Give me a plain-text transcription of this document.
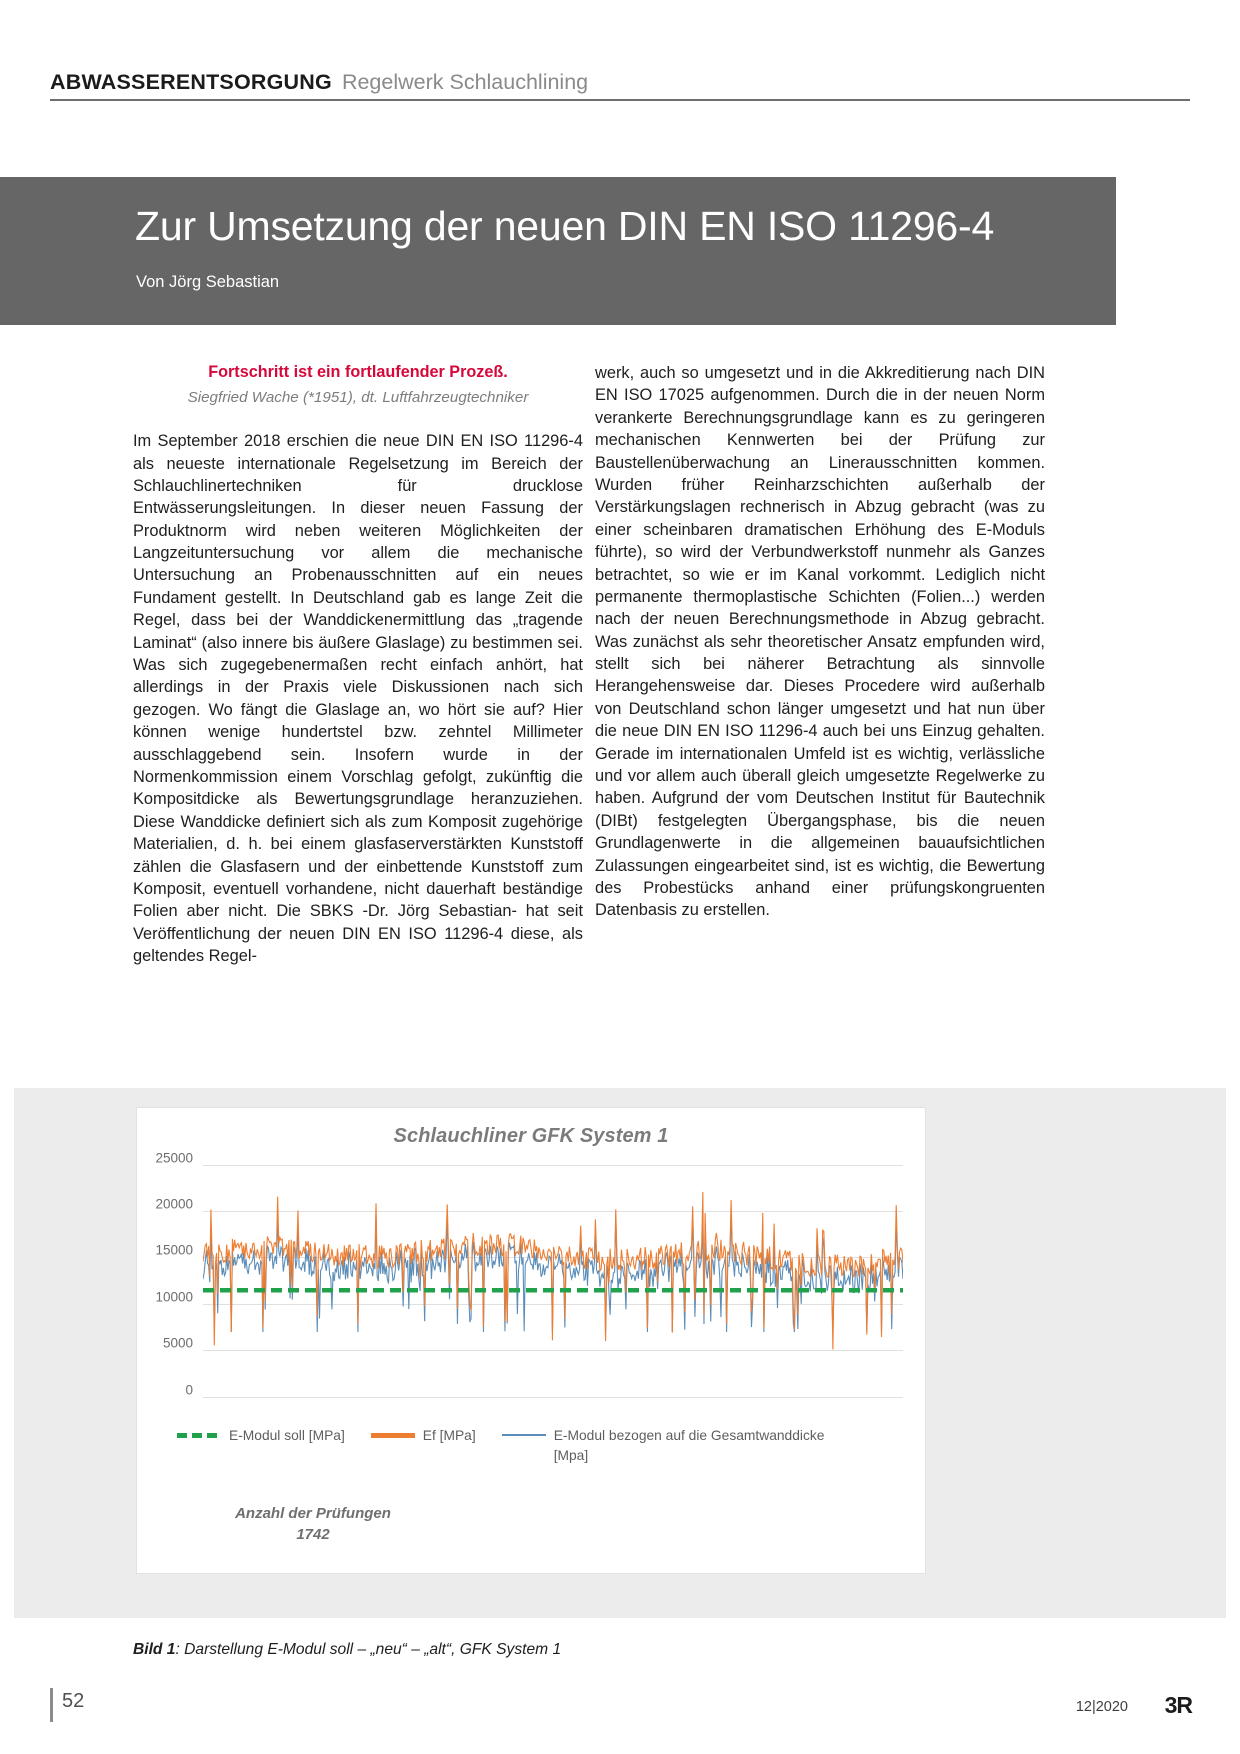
ABWASSERENTSORGUNG Regelwerk Schlauchlining
Zur Umsetzung der neuen DIN EN ISO 11296-4
Von Jörg Sebastian
Fortschritt ist ein fortlaufender Prozeß.
Siegfried Wache (*1951), dt. Luftfahrzeugtechniker

Im September 2018 erschien die neue DIN EN ISO 11296-4 als neueste internationale Regelsetzung im Bereich der Schlauchlinertechniken für drucklose Entwässerungsleitungen. In dieser neuen Fassung der Produktnorm wird neben weiteren Möglichkeiten der Langzeituntersuchung vor allem die mechanische Untersuchung an Probenausschnitten auf ein neues Fundament gestellt. In Deutschland gab es lange Zeit die Regel, dass bei der Wanddickenermittlung das „tragende Laminat“ (also innere bis äußere Glaslage) zu bestimmen sei. Was sich zugegebenermaßen recht einfach anhört, hat allerdings in der Praxis viele Diskussionen nach sich gezogen. Wo fängt die Glaslage an, wo hört sie auf? Hier können wenige hundertstel bzw. zehntel Millimeter ausschlaggebend sein. Insofern wurde in der Normenkommission einem Vorschlag gefolgt, zukünftig die Kompositdicke als Bewertungsgrundlage heranzuziehen. Diese Wanddicke definiert sich als zum Komposit zugehörige Materialien, d. h. bei einem glasfaserverstärkten Kunststoff zählen die Glasfasern und der einbettende Kunststoff zum Komposit, eventuell vorhandene, nicht dauerhaft beständige Folien aber nicht. Die SBKS -Dr. Jörg Sebastian- hat seit Veröffentlichung der neuen DIN EN ISO 11296-4 diese, als geltendes Regel-

werk, auch so umgesetzt und in die Akkreditierung nach DIN EN ISO 17025 aufgenommen. Durch die in der neuen Norm verankerte Berechnungsgrundlage kann es zu geringeren mechanischen Kennwerten bei der Prüfung zur Baustellenüberwachung an Linerausschnitten kommen. Wurden früher Reinharzschichten außerhalb der Verstärkungslagen rechnerisch in Abzug gebracht (was zu einer scheinbaren dramatischen Erhöhung des E-Moduls führte), so wird der Verbundwerkstoff nunmehr als Ganzes betrachtet, so wie er im Kanal vorkommt. Lediglich nicht permanente thermoplastische Schichten (Folien...) werden nach der neuen Berechnungsmethode in Abzug gebracht. Was zunächst als sehr theoretischer Ansatz empfunden wird, stellt sich bei näherer Betrachtung als sinnvolle Herangehensweise dar. Dieses Procedere wird außerhalb von Deutschland schon länger umgesetzt und hat nun über die neue DIN EN ISO 11296-4 auch bei uns Einzug gehalten. Gerade im internationalen Umfeld ist es wichtig, verlässliche und vor allem auch überall gleich umgesetzte Regelwerke zu haben. Aufgrund der vom Deutschen Institut für Bautechnik (DIBt) festgelegten Übergangsphase, bis die neuen Grundlagenwerte in die allgemeinen bauaufsichtlichen Zulassungen eingearbeitet sind, ist es wichtig, die Bewertung des Probestücks anhand einer prüfungskongruenten Datenbasis zu erstellen.

Schlauchliner GFK System 1
25000
20000
15000
10000
5000
0
E-Modul soll [MPa]	Ef [MPa]	E-Modul bezogen auf die Gesamtwanddicke [Mpa]
Anzahl der Prüfungen
1742
Bild 1: Darstellung E-Modul soll – „neu“ – „alt“, GFK System 1
52	12|2020 3R
